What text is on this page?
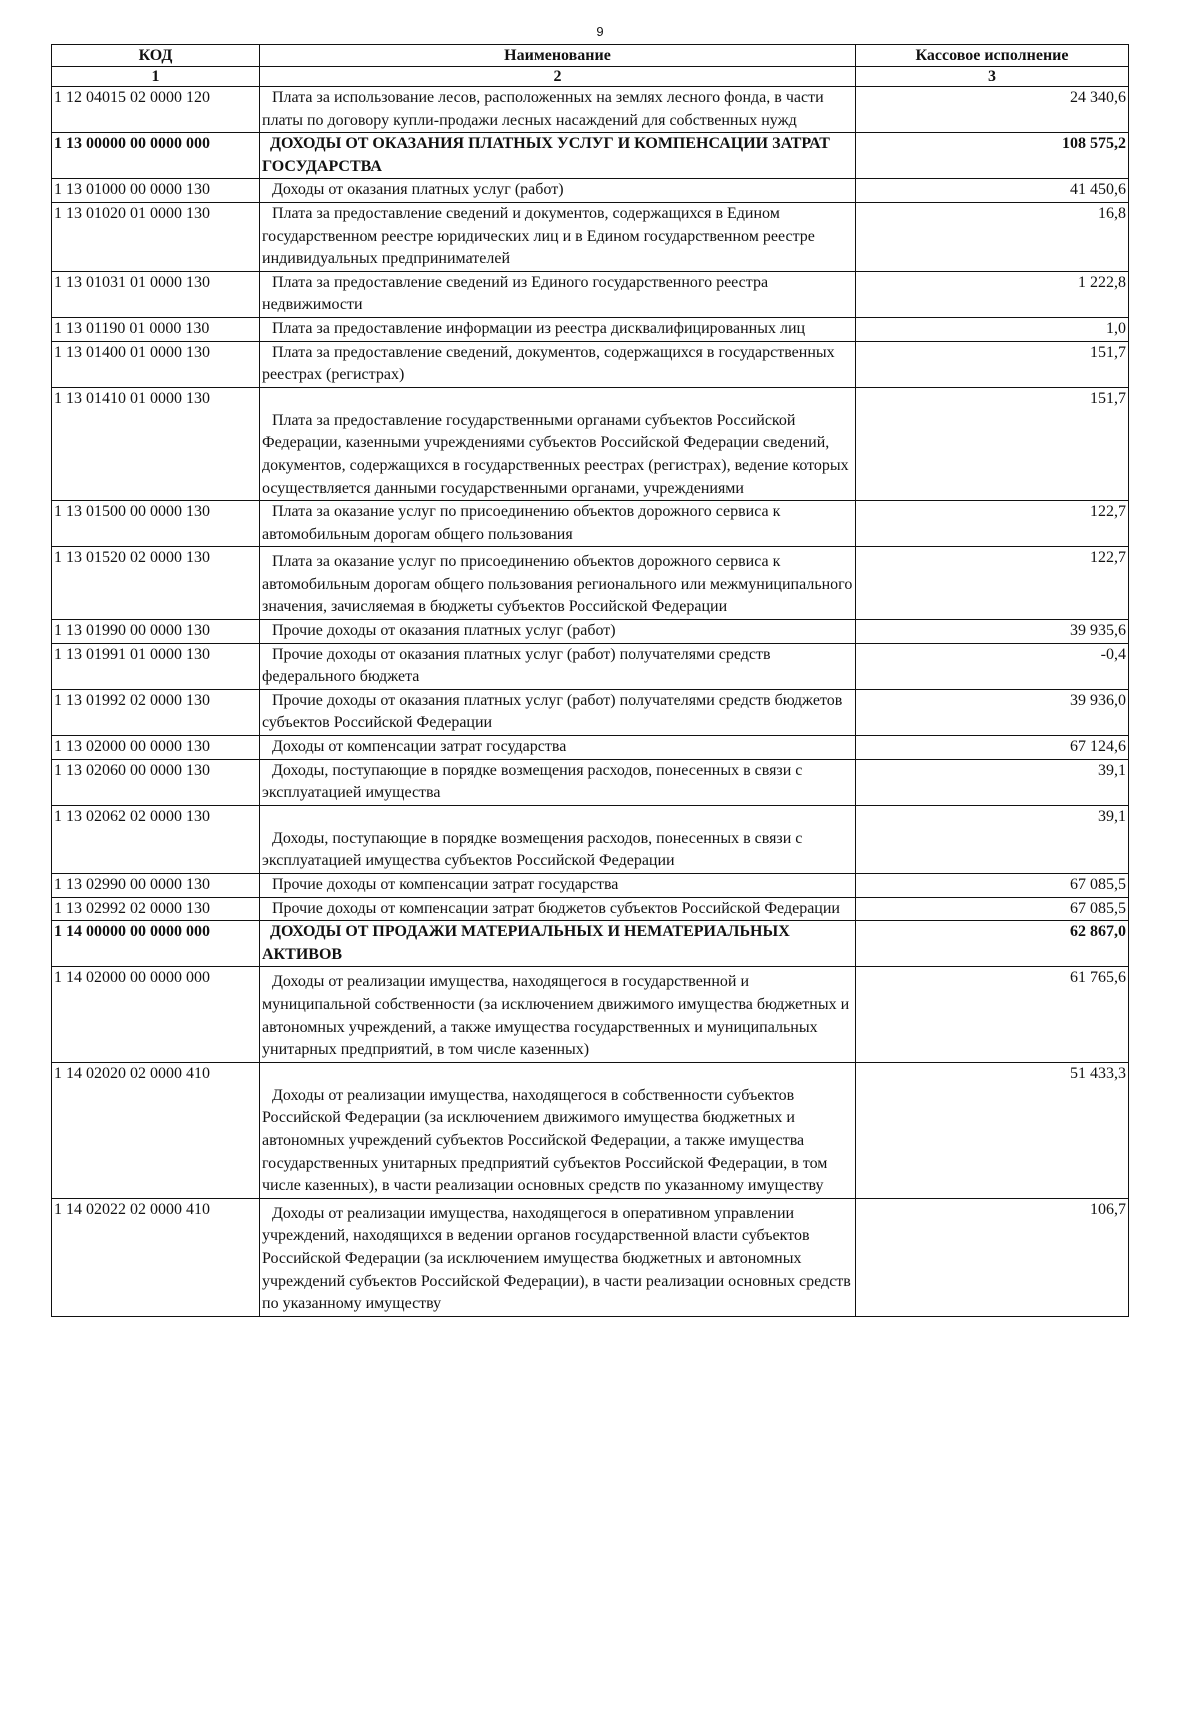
9
КОД	Наименование	Кассовое исполнение
1	2	3
1 12 04015 02 0000 120	Плата за использование лесов, расположенных на землях лесного фонда, в части платы по договору купли-продажи лесных насаждений для собственных нужд	24 340,6
1 13 00000 00 0000 000	ДОХОДЫ ОТ ОКАЗАНИЯ ПЛАТНЫХ УСЛУГ И КОМПЕНСАЦИИ ЗАТРАТ ГОСУДАРСТВА	108 575,2
1 13 01000 00 0000 130	Доходы от оказания платных услуг (работ)	41 450,6
1 13 01020 01 0000 130	Плата за предоставление сведений и документов, содержащихся в Едином государственном реестре юридических лиц и в Едином государственном реестре индивидуальных предпринимателей	16,8
1 13 01031 01 0000 130	Плата за предоставление сведений из Единого государственного реестра недвижимости	1 222,8
1 13 01190 01 0000 130	Плата за предоставление информации из реестра дисквалифицированных лиц	1,0
1 13 01400 01 0000 130	Плата за предоставление сведений, документов, содержащихся в государственных реестрах (регистрах)	151,7
1 13 01410 01 0000 130	Плата за предоставление государственными органами субъектов Российской Федерации, казенными учреждениями субъектов Российской Федерации сведений, документов, содержащихся в государственных реестрах (регистрах), ведение которых осуществляется данными государственными органами, учреждениями	151,7
1 13 01500 00 0000 130	Плата за оказание услуг по присоединению объектов дорожного сервиса к автомобильным дорогам общего пользования	122,7
1 13 01520 02 0000 130	Плата за оказание услуг по присоединению объектов дорожного сервиса к автомобильным дорогам общего пользования регионального или межмуниципального значения, зачисляемая в бюджеты субъектов Российской Федерации	122,7
1 13 01990 00 0000 130	Прочие доходы от оказания платных услуг (работ)	39 935,6
1 13 01991 01 0000 130	Прочие доходы от оказания платных услуг (работ) получателями средств федерального бюджета	-0,4
1 13 01992 02 0000 130	Прочие доходы от оказания платных услуг (работ) получателями средств бюджетов субъектов Российской Федерации	39 936,0
1 13 02000 00 0000 130	Доходы от компенсации затрат государства	67 124,6
1 13 02060 00 0000 130	Доходы, поступающие в порядке возмещения расходов, понесенных в связи с эксплуатацией имущества	39,1
1 13 02062 02 0000 130	Доходы, поступающие в порядке возмещения расходов, понесенных в связи с эксплуатацией имущества субъектов Российской Федерации	39,1
1 13 02990 00 0000 130	Прочие доходы от компенсации затрат государства	67 085,5
1 13 02992 02 0000 130	Прочие доходы от компенсации затрат бюджетов субъектов Российской Федерации	67 085,5
1 14 00000 00 0000 000	ДОХОДЫ ОТ ПРОДАЖИ МАТЕРИАЛЬНЫХ И НЕМАТЕРИАЛЬНЫХ АКТИВОВ	62 867,0
1 14 02000 00 0000 000	Доходы от реализации имущества, находящегося в государственной и муниципальной собственности (за исключением движимого имущества бюджетных и автономных учреждений, а также имущества государственных и муниципальных унитарных предприятий, в том числе казенных)	61 765,6
1 14 02020 02 0000 410	Доходы от реализации имущества, находящегося в собственности субъектов Российской Федерации (за исключением движимого имущества бюджетных и автономных учреждений субъектов Российской Федерации, а также имущества государственных унитарных предприятий субъектов Российской Федерации, в том числе казенных), в части реализации основных средств по указанному имуществу	51 433,3
1 14 02022 02 0000 410	Доходы от реализации имущества, находящегося в оперативном управлении учреждений, находящихся в ведении органов государственной власти субъектов Российской Федерации (за исключением имущества бюджетных и автономных учреждений субъектов Российской Федерации), в части реализации основных средств по указанному имуществу	106,7
